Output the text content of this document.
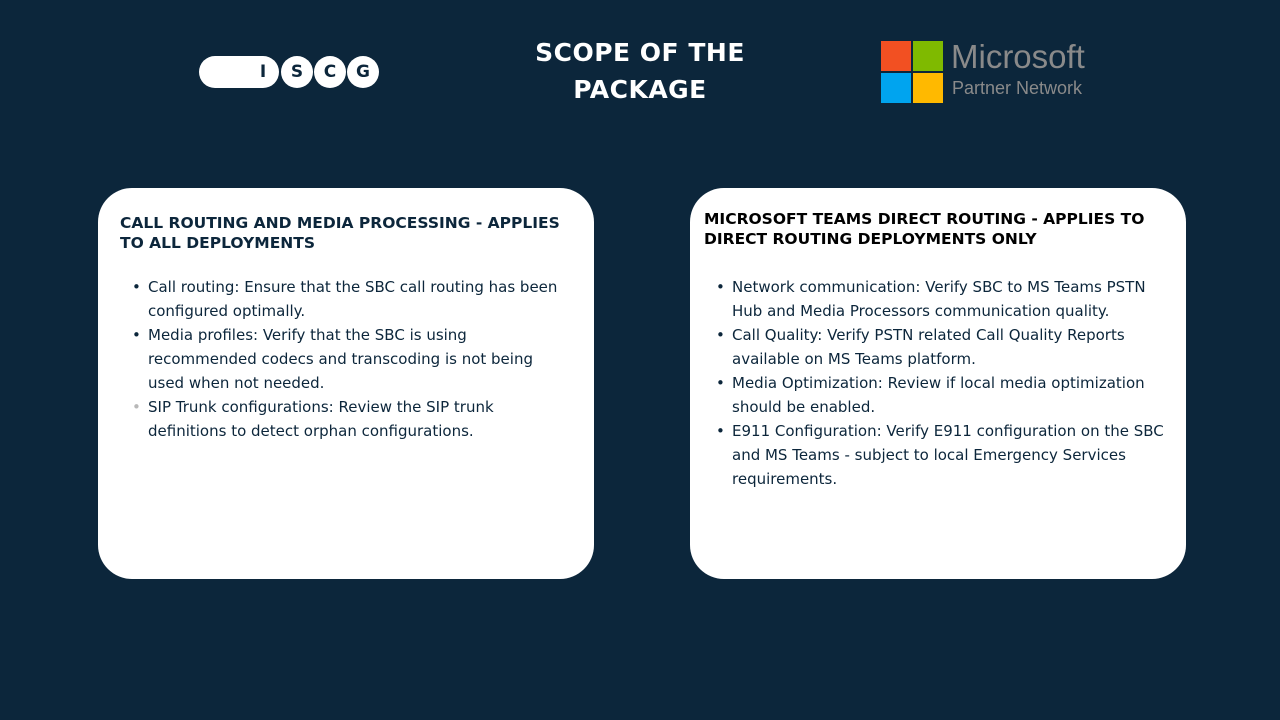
I	S	C	G
SCOPE OF THE
PACKAGE
Microsoft
Partner Network
CALL ROUTING AND MEDIA PROCESSING - APPLIES TO ALL DEPLOYMENTS
• Call routing: Ensure that the SBC call routing has been configured optimally.
• Media profiles: Verify that the SBC is using recommended codecs and transcoding is not being used when not needed.
• SIP Trunk configurations: Review the SIP trunk definitions to detect orphan configurations.
MICROSOFT TEAMS DIRECT ROUTING - APPLIES TO DIRECT ROUTING DEPLOYMENTS ONLY
• Network communication: Verify SBC to MS Teams PSTN Hub and Media Processors communication quality.
• Call Quality: Verify PSTN related Call Quality Reports available on MS Teams platform.
• Media Optimization: Review if local media optimization should be enabled.
• E911 Configuration: Verify E911 configuration on the SBC and MS Teams - subject to local Emergency Services requirements.
